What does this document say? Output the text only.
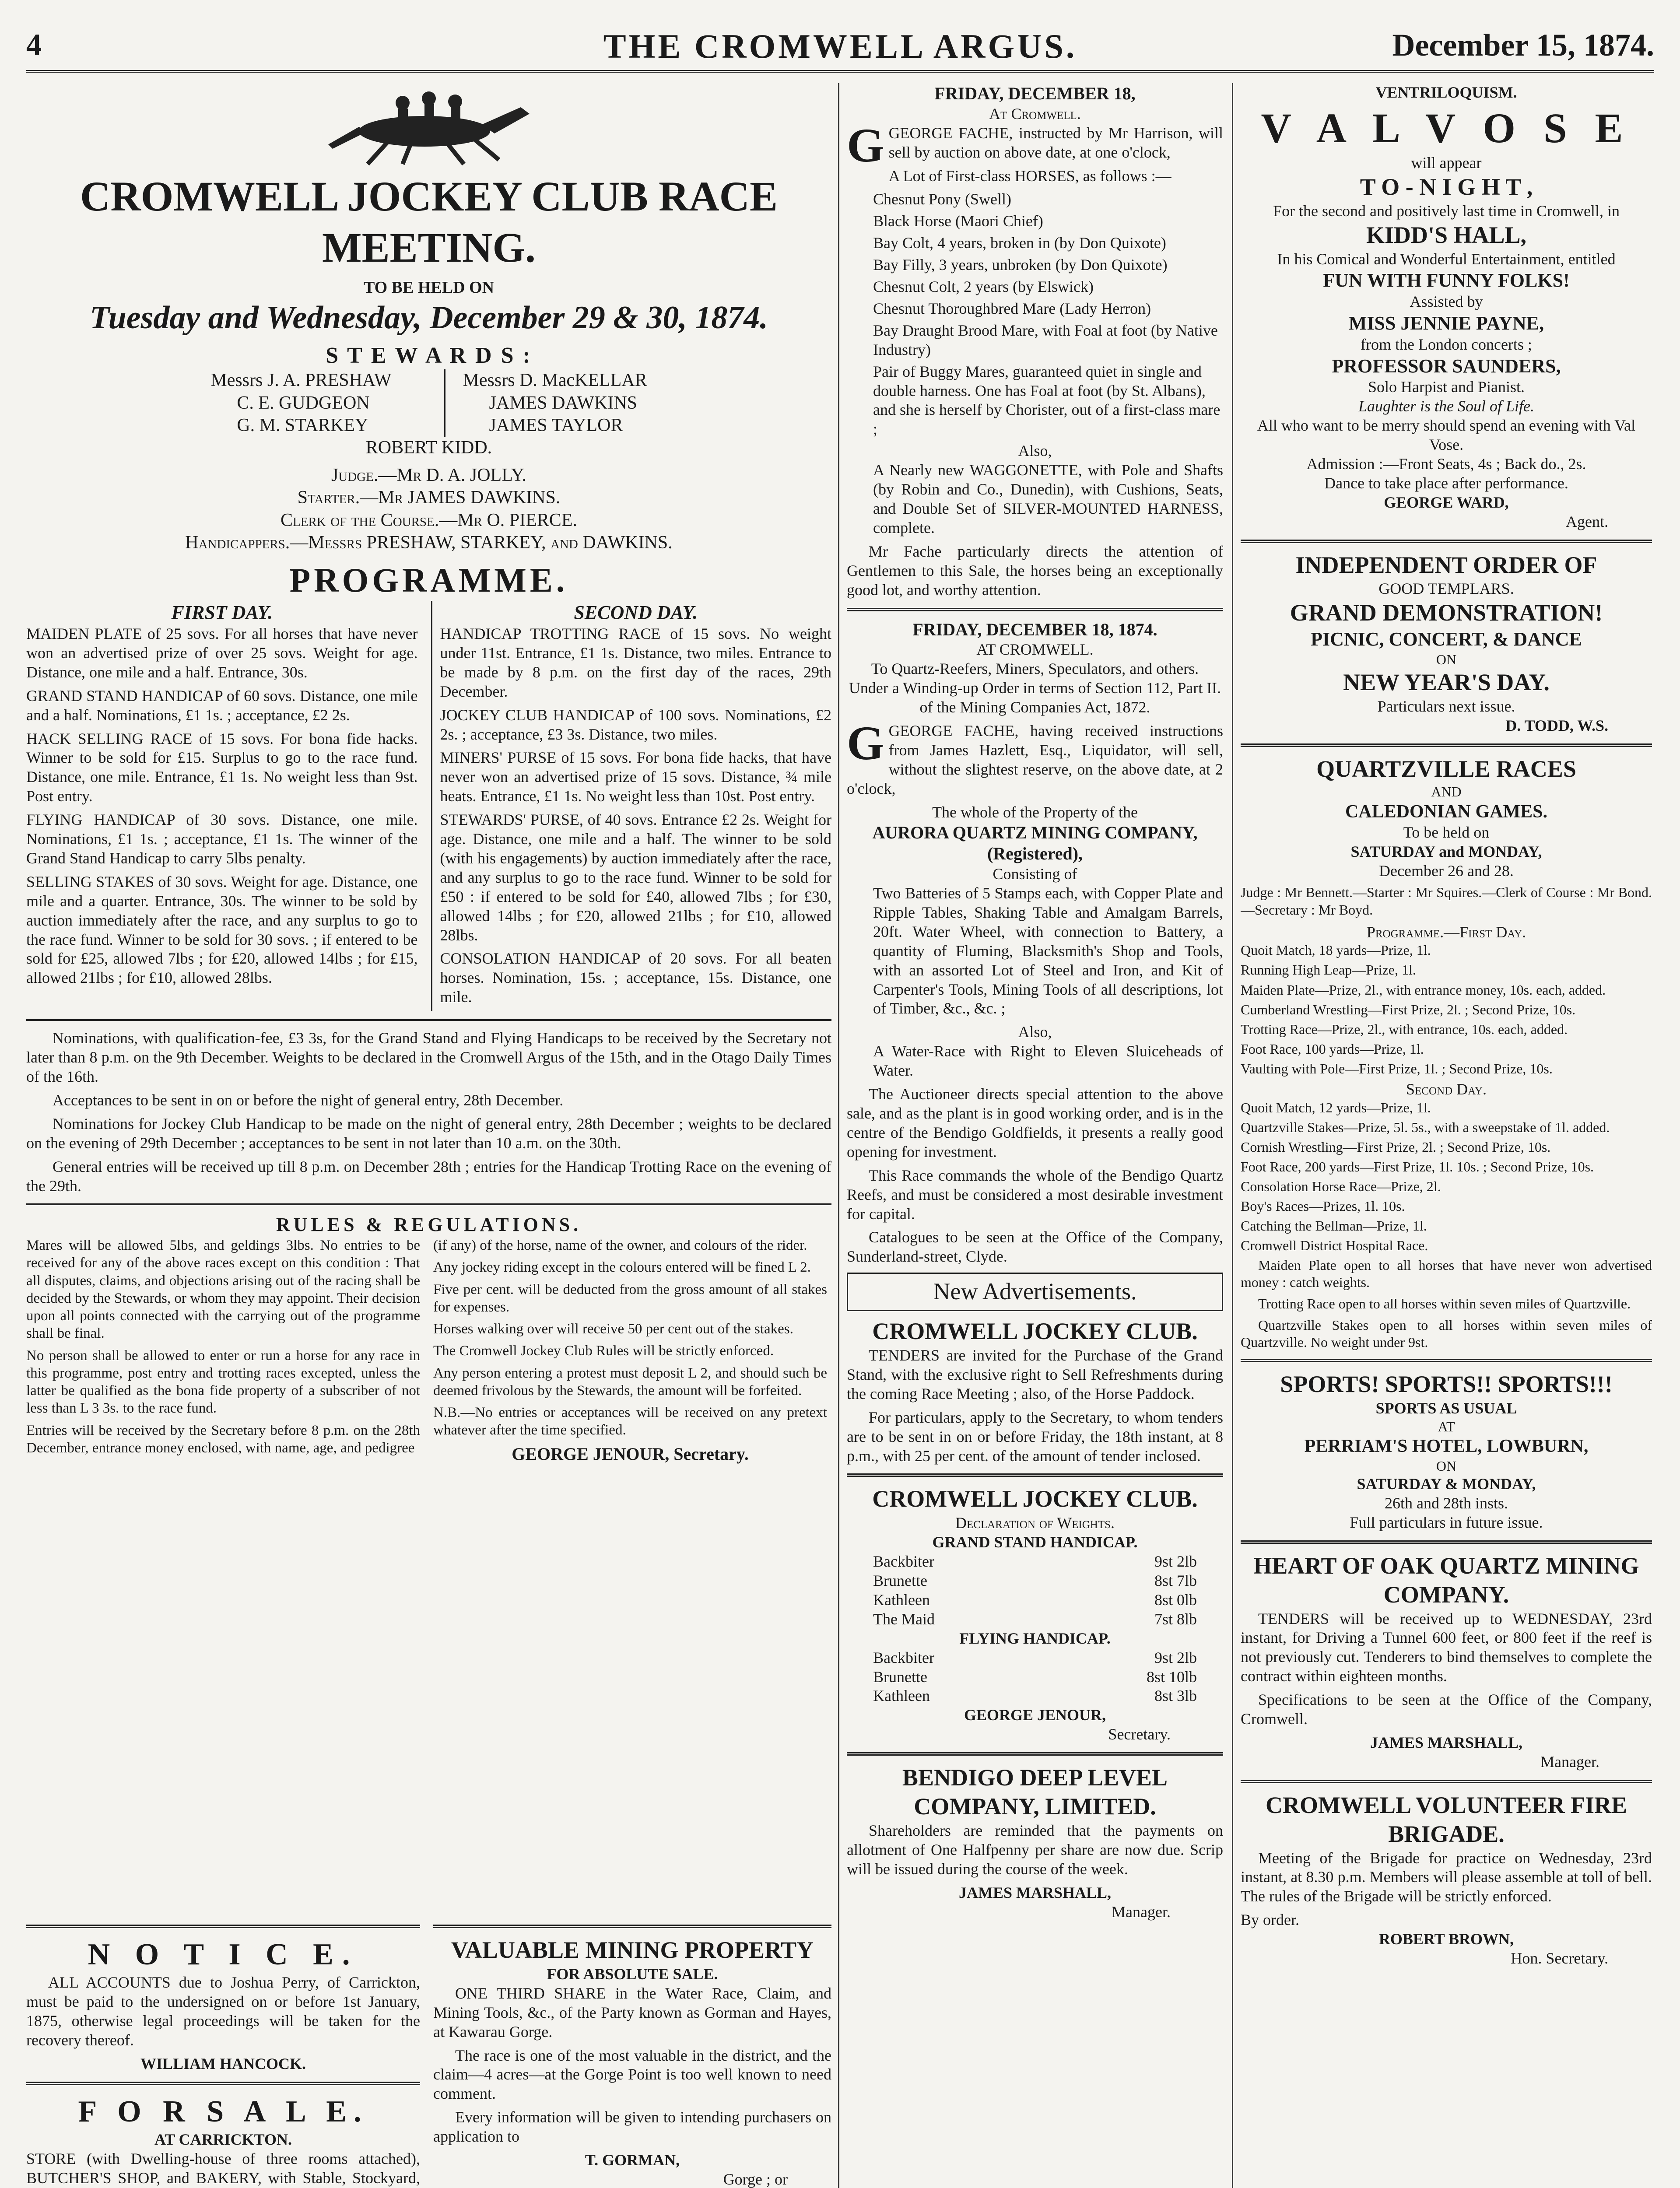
4	THE CROMWELL ARGUS.	December 15, 1874.
CROMWELL JOCKEY CLUB RACE MEETING.
TO BE HELD ON
Tuesday and Wednesday, December 29 & 30, 1874.
S T E W A R D S :
Messrs J. A. PRESHAW
C. E. GUDGEON
G. M. STARKEY
Messrs D. MacKELLAR
JAMES DAWKINS
JAMES TAYLOR
ROBERT KIDD.
Judge.—Mr D. A. JOLLY.
Starter.—Mr JAMES DAWKINS.
Clerk of the Course.—Mr O. PIERCE.
Handicappers.—Messrs PRESHAW, STARKEY, and DAWKINS.
PROGRAMME.
FIRST DAY.

MAIDEN PLATE of 25 sovs. For all horses that have never won an advertised prize of over 25 sovs. Weight for age. Distance, one mile and a half. Entrance, 30s.

GRAND STAND HANDICAP of 60 sovs. Distance, one mile and a half. Nominations, £1 1s. ; acceptance, £2 2s.

HACK SELLING RACE of 15 sovs. For bona fide hacks. Winner to be sold for £15. Surplus to go to the race fund. Distance, one mile. Entrance, £1 1s. No weight less than 9st. Post entry.

FLYING HANDICAP of 30 sovs. Distance, one mile. Nominations, £1 1s. ; acceptance, £1 1s. The winner of the Grand Stand Handicap to carry 5lbs penalty.

SELLING STAKES of 30 sovs. Weight for age. Distance, one mile and a quarter. Entrance, 30s. The winner to be sold by auction immediately after the race, and any surplus to go to the race fund. Winner to be sold for 30 sovs. ; if entered to be sold for £25, allowed 7lbs ; for £20, allowed 14lbs ; for £15, allowed 21lbs ; for £10, allowed 28lbs.

SECOND DAY.

HANDICAP TROTTING RACE of 15 sovs. No weight under 11st. Entrance, £1 1s. Distance, two miles. Entrance to be made by 8 p.m. on the first day of the races, 29th December.

JOCKEY CLUB HANDICAP of 100 sovs. Nominations, £2 2s. ; acceptance, £3 3s. Distance, two miles.

MINERS' PURSE of 15 sovs. For bona fide hacks, that have never won an advertised prize of 15 sovs. Distance, ¾ mile heats. Entrance, £1 1s. No weight less than 10st. Post entry.

STEWARDS' PURSE, of 40 sovs. Entrance £2 2s. Weight for age. Distance, one mile and a half. The winner to be sold (with his engagements) by auction immediately after the race, and any surplus to go to the race fund. Winner to be sold for £50 : if entered to be sold for £40, allowed 7lbs ; for £30, allowed 14lbs ; for £20, allowed 21lbs ; for £10, allowed 28lbs.

CONSOLATION HANDICAP of 20 sovs. For all beaten horses. Nomination, 15s. ; acceptance, 15s. Distance, one mile.

Nominations, with qualification-fee, £3 3s, for the Grand Stand and Flying Handicaps to be received by the Secretary not later than 8 p.m. on the 9th December. Weights to be declared in the Cromwell Argus of the 15th, and in the Otago Daily Times of the 16th.

Acceptances to be sent in on or before the night of general entry, 28th December.

Nominations for Jockey Club Handicap to be made on the night of general entry, 28th December ; weights to be declared on the evening of 29th December ; acceptances to be sent in not later than 10 a.m. on the 30th.

General entries will be received up till 8 p.m. on December 28th ; entries for the Handicap Trotting Race on the evening of the 29th.

RULES & REGULATIONS.

Mares will be allowed 5lbs, and geldings 3lbs. No entries to be received for any of the above races except on this condition : That all disputes, claims, and objections arising out of the racing shall be decided by the Stewards, or whom they may appoint. Their decision upon all points connected with the carrying out of the programme shall be final.

No person shall be allowed to enter or run a horse for any race in this programme, post entry and trotting races excepted, unless the latter be qualified as the bona fide property of a subscriber of not less than L 3 3s. to the race fund.

Entries will be received by the Secretary before 8 p.m. on the 28th December, entrance money enclosed, with name, age, and pedigree

(if any) of the horse, name of the owner, and colours of the rider.

Any jockey riding except in the colours entered will be fined L 2.

Five per cent. will be deducted from the gross amount of all stakes for expenses.

Horses walking over will receive 50 per cent out of the stakes.

The Cromwell Jockey Club Rules will be strictly enforced.

Any person entering a protest must deposit L 2, and should such be deemed frivolous by the Stewards, the amount will be forfeited.

N.B.—No entries or acceptances will be received on any pretext whatever after the time specified.

GEORGE JENOUR, Secretary.
N O T I C E.

ALL ACCOUNTS due to Joshua Perry, of Carrickton, must be paid to the undersigned on or before 1st January, 1875, otherwise legal proceedings will be taken for the recovery thereof.

WILLIAM HANCOCK.
F O R S A L E.
AT CARRICKTON.

STORE (with Dwelling-house of three rooms attached), BUTCHER'S SHOP, and BAKERY, with Stable, Stockyard,

VALUABLE MINING PROPERTY
FOR ABSOLUTE SALE.

ONE THIRD SHARE in the Water Race, Claim, and Mining Tools, &c., of the Party known as Gorman and Hayes, at Kawarau Gorge.

The race is one of the most valuable in the district, and the claim—4 acres—at the Gorge Point is too well known to need comment.

Every information will be given to intending purchasers on application to

T. GORMAN,
Gorge ; or

FRIDAY, DECEMBER 18,
At Cromwell.

GGEORGE FACHE, instructed by Mr Harrison, will sell by auction on above date, at one o'clock,

A Lot of First-class HORSES, as follows :—

Chesnut Pony (Swell)
Black Horse (Maori Chief)
Bay Colt, 4 years, broken in (by Don Quixote)
Bay Filly, 3 years, unbroken (by Don Quixote)
Chesnut Colt, 2 years (by Elswick)
Chesnut Thoroughbred Mare (Lady Herron)
Bay Draught Brood Mare, with Foal at foot (by Native Industry)
Pair of Buggy Mares, guaranteed quiet in single and double harness. One has Foal at foot (by St. Albans), and she is herself by Chorister, out of a first-class mare ;
Also,

A Nearly new WAGGONETTE, with Pole and Shafts (by Robin and Co., Dunedin), with Cushions, Seats, and Double Set of SILVER-MOUNTED HARNESS, complete.

Mr Fache particularly directs the attention of Gentlemen to this Sale, the horses being an exceptionally good lot, and worthy attention.

FRIDAY, DECEMBER 18, 1874.
AT CROMWELL.
To Quartz-Reefers, Miners, Speculators, and others.
Under a Winding-up Order in terms of Section 112, Part II. of the Mining Companies Act, 1872.

GGEORGE FACHE, having received instructions from James Hazlett, Esq., Liquidator, will sell, without the slightest reserve, on the above date, at 2 o'clock,

The whole of the Property of the
AURORA QUARTZ MINING COMPANY, (Registered),
Consisting of

Two Batteries of 5 Stamps each, with Copper Plate and Ripple Tables, Shaking Table and Amalgam Barrels, 20ft. Water Wheel, with connection to Battery, a quantity of Fluming, Blacksmith's Shop and Tools, with an assorted Lot of Steel and Iron, and Kit of Carpenter's Tools, Mining Tools of all descriptions, lot of Timber, &c., &c. ;

Also,

A Water-Race with Right to Eleven Sluiceheads of Water.

The Auctioneer directs special attention to the above sale, and as the plant is in good working order, and is in the centre of the Bendigo Goldfields, it presents a really good opening for investment.

This Race commands the whole of the Bendigo Quartz Reefs, and must be considered a most desirable investment for capital.

Catalogues to be seen at the Office of the Company, Sunderland-street, Clyde.

New Advertisements.
CROMWELL JOCKEY CLUB.

TENDERS are invited for the Purchase of the Grand Stand, with the exclusive right to Sell Refreshments during the coming Race Meeting ; also, of the Horse Paddock.

For particulars, apply to the Secretary, to whom tenders are to be sent in on or before Friday, the 18th instant, at 8 p.m., with 25 per cent. of the amount of tender inclosed.

CROMWELL JOCKEY CLUB.
Declaration of Weights.
GRAND STAND HANDICAP.
Backbiter	9st 2lb
Brunette	8st 7lb
Kathleen	8st 0lb
The Maid	7st 8lb
FLYING HANDICAP.
Backbiter	9st 2lb
Brunette	8st 10lb
Kathleen	8st 3lb
GEORGE JENOUR,
Secretary.
BENDIGO DEEP LEVEL COMPANY, LIMITED.

Shareholders are reminded that the payments on allotment of One Halfpenny per share are now due. Scrip will be issued during the course of the week.

JAMES MARSHALL,
Manager.
VENTRILOQUISM.
V A L V O S E
will appear
T O - N I G H T ,
For the second and positively last time in Cromwell, in
KIDD'S HALL,
In his Comical and Wonderful Entertainment, entitled
FUN WITH FUNNY FOLKS!
Assisted by
MISS JENNIE PAYNE,
from the London concerts ;
PROFESSOR SAUNDERS,
Solo Harpist and Pianist.
Laughter is the Soul of Life.
All who want to be merry should spend an evening with Val Vose.
Admission :—Front Seats, 4s ; Back do., 2s.
Dance to take place after performance.
GEORGE WARD,
Agent.
INDEPENDENT ORDER OF
GOOD TEMPLARS.
GRAND DEMONSTRATION!
PICNIC, CONCERT, & DANCE
ON
NEW YEAR'S DAY.
Particulars next issue.
D. TODD, W.S.
QUARTZVILLE RACES
AND
CALEDONIAN GAMES.
To be held on
SATURDAY and MONDAY,
December 26 and 28.

Judge : Mr Bennett.—Starter : Mr Squires.—Clerk of Course : Mr Bond.—Secretary : Mr Boyd.

Programme.—First Day.
Quoit Match, 18 yards—Prize, 1l.
Running High Leap—Prize, 1l.
Maiden Plate—Prize, 2l., with entrance money, 10s. each, added.
Cumberland Wrestling—First Prize, 2l. ; Second Prize, 10s.
Trotting Race—Prize, 2l., with entrance, 10s. each, added.
Foot Race, 100 yards—Prize, 1l.
Vaulting with Pole—First Prize, 1l. ; Second Prize, 10s.
Second Day.
Quoit Match, 12 yards—Prize, 1l.
Quartzville Stakes—Prize, 5l. 5s., with a sweepstake of 1l. added.
Cornish Wrestling—First Prize, 2l. ; Second Prize, 10s.
Foot Race, 200 yards—First Prize, 1l. 10s. ; Second Prize, 10s.
Consolation Horse Race—Prize, 2l.
Boy's Races—Prizes, 1l. 10s.
Catching the Bellman—Prize, 1l.
Cromwell District Hospital Race.

Maiden Plate open to all horses that have never won advertised money : catch weights.

Trotting Race open to all horses within seven miles of Quartzville.

Quartzville Stakes open to all horses within seven miles of Quartzville. No weight under 9st.

SPORTS! SPORTS!! SPORTS!!!
SPORTS AS USUAL
AT
PERRIAM'S HOTEL, LOWBURN,
ON
SATURDAY & MONDAY,
26th and 28th insts.
Full particulars in future issue.
HEART OF OAK QUARTZ MINING COMPANY.

TENDERS will be received up to WEDNESDAY, 23rd instant, for Driving a Tunnel 600 feet, or 800 feet if the reef is not previously cut. Tenderers to bind themselves to complete the contract within eighteen months.

Specifications to be seen at the Office of the Company, Cromwell.

JAMES MARSHALL,
Manager.
CROMWELL VOLUNTEER FIRE BRIGADE.

Meeting of the Brigade for practice on Wednesday, 23rd instant, at 8.30 p.m. Members will please assemble at toll of bell. The rules of the Brigade will be strictly enforced.

By order.
ROBERT BROWN,
Hon. Secretary.
